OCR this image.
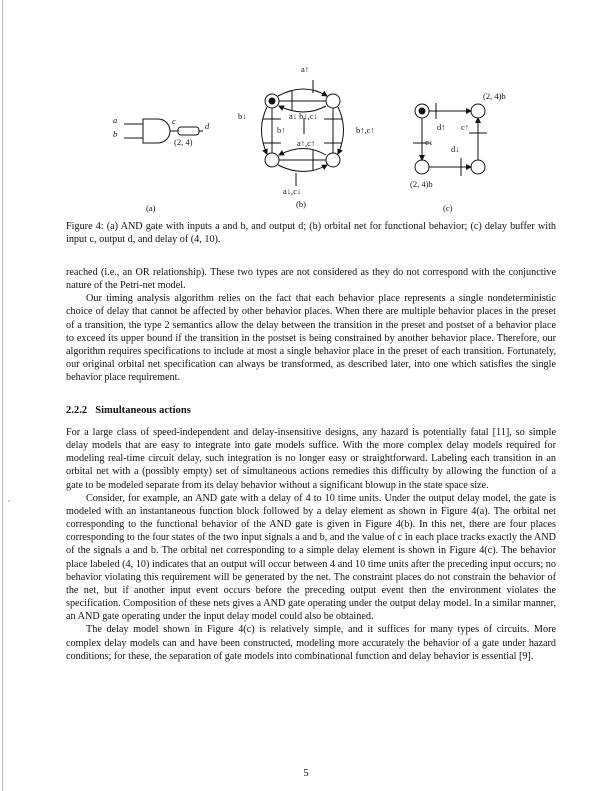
,
a
b
c	d
(2, 4)
(a)
a↑
b↓	a↓ b↓,c↓
b↑
a↑,c↑
b↑,c↑
a↓,c↓
(b)
(2, 4)b
d↑ c↑
c↓
d↓
(2, 4)b
(c)
Figure 4: (a) AND gate with inputs a and b, and output d; (b) orbital net for functional behavior; (c) delay buffer with input c, output d, and delay of (4, 10).

reached (i.e., an OR relationship). These two types are not considered as they do not correspond with the conjunctive nature of the Petri-net model.

Our timing analysis algorithm relies on the fact that each behavior place represents a single nondeterministic choice of delay that cannot be affected by other behavior places. When there are multiple behavior places in the preset of a transition, the type 2 semantics allow the delay between the transition in the preset and postset of a behavior place to exceed its upper bound if the transition in the postset is being constrained by another behavior place. Therefore, our algorithm requires specifications to include at most a single behavior place in the preset of each transition. Fortunately, our original orbital net specification can always be transformed, as described later, into one which satisfies the single behavior place requirement.

2.2.2 Simultaneous actions

For a large class of speed-independent and delay-insensitive designs, any hazard is potentially fatal [11], so simple delay models that are easy to integrate into gate models suffice. With the more complex delay models required for modeling real-time circuit delay, such integration is no longer easy or straightforward. Labeling each transition in an orbital net with a (possibly empty) set of simultaneous actions remedies this difficulty by allowing the function of a gate to be modeled separate from its delay behavior without a significant blowup in the state space size.

Consider, for example, an AND gate with a delay of 4 to 10 time units. Under the output delay model, the gate is modeled with an instantaneous function block followed by a delay element as shown in Figure 4(a). The orbital net corresponding to the functional behavior of the AND gate is given in Figure 4(b). In this net, there are four places corresponding to the four states of the two input signals a and b, and the value of c in each place tracks exactly the AND of the signals a and b. The orbital net corresponding to a simple delay element is shown in Figure 4(c). The behavior place labeled (4, 10) indicates that an output will occur between 4 and 10 time units after the preceding input occurs; no behavior violating this requirement will be generated by the net. The constraint places do not constrain the behavior of the net, but if another input event occurs before the preceding output event then the environment violates the specification. Composition of these nets gives a AND gate operating under the output delay model. In a similar manner, an AND gate operating under the input delay model could also be obtained.

The delay model shown in Figure 4(c) is relatively simple, and it suffices for many types of circuits. More complex delay models can and have been constructed, modeling more accurately the behavior of a gate under hazard conditions; for these, the separation of gate models into combinational function and delay behavior is essential [9].

5
